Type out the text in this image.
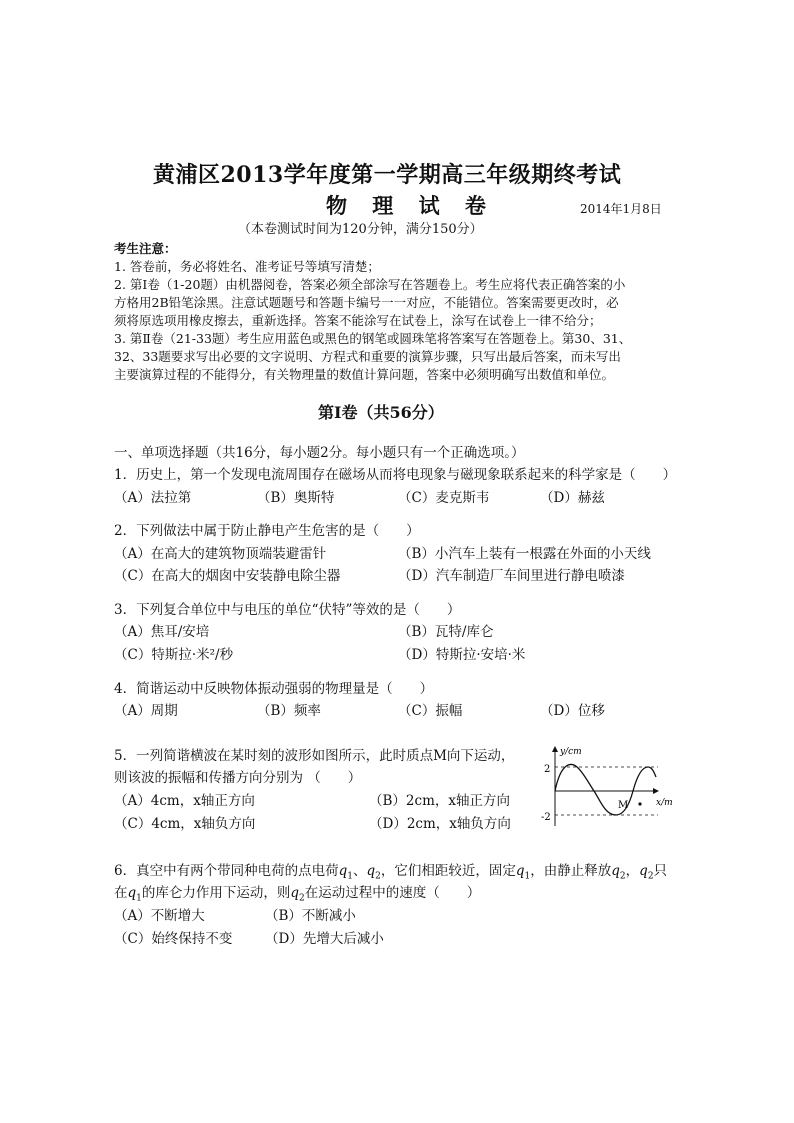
黄浦区2013学年度第一学期高三年级期终考试
物 理 试 卷	2014年1月8日
（本卷测试时间为120分钟，满分150分）
考生注意：
1. 答卷前，务必将姓名、准考证号等填写清楚；
2. 第Ⅰ卷（1-20题）由机器阅卷，答案必须全部涂写在答题卷上。考生应将代表正确答案的小
方格用2B铅笔涂黑。注意试题题号和答题卡编号一一对应，不能错位。答案需要更改时，必
须将原选项用橡皮擦去，重新选择。答案不能涂写在试卷上，涂写在试卷上一律不给分；
3. 第Ⅱ卷（21-33题）考生应用蓝色或黑色的钢笔或圆珠笔将答案写在答题卷上。第30、31、
32、33题要求写出必要的文字说明、方程式和重要的演算步骤，只写出最后答案，而未写出
主要演算过程的不能得分，有关物理量的数值计算问题，答案中必须明确写出数值和单位。
第Ⅰ卷（共56分）
一、单项选择题（共16分，每小题2分。每小题只有一个正确选项。）
1．历史上，第一个发现电流周围存在磁场从而将电现象与磁现象联系起来的科学家是（　　）
（A）法拉第	（B）奥斯特	（C）麦克斯韦	（D）赫兹
2．下列做法中属于防止静电产生危害的是（　　）
（A）在高大的建筑物顶端装避雷针	（B）小汽车上装有一根露在外面的小天线
（C）在高大的烟囱中安装静电除尘器	（D）汽车制造厂车间里进行静电喷漆
3．下列复合单位中与电压的单位“伏特”等效的是（　　）
（A）焦耳/安培	（B）瓦特/库仑
（C）特斯拉·米²/秒	（D）特斯拉·安培·米
4．简谐运动中反映物体振动强弱的物理量是（　　）
（A）周期	（B）频率	（C）振幅	（D）位移
5．一列简谐横波在某时刻的波形如图所示，此时质点M向下运动，
则该波的振幅和传播方向分别为 （　　）
（A）4cm，x轴正方向	（B）2cm，x轴正方向
（C）4cm，x轴负方向	（D）2cm，x轴负方向
M
y/cm
x/m
2
-2
6．真空中有两个带同种电荷的点电荷$q_1$、$q_2$，它们相距较近，固定$q_1$，由静止释放$q_2$，$q_2$只
在$q_1$的库仑力作用下运动，则$q_2$在运动过程中的速度（　　）
（A）不断增大	（B）不断减小
（C）始终保持不变 （D）先增大后减小
